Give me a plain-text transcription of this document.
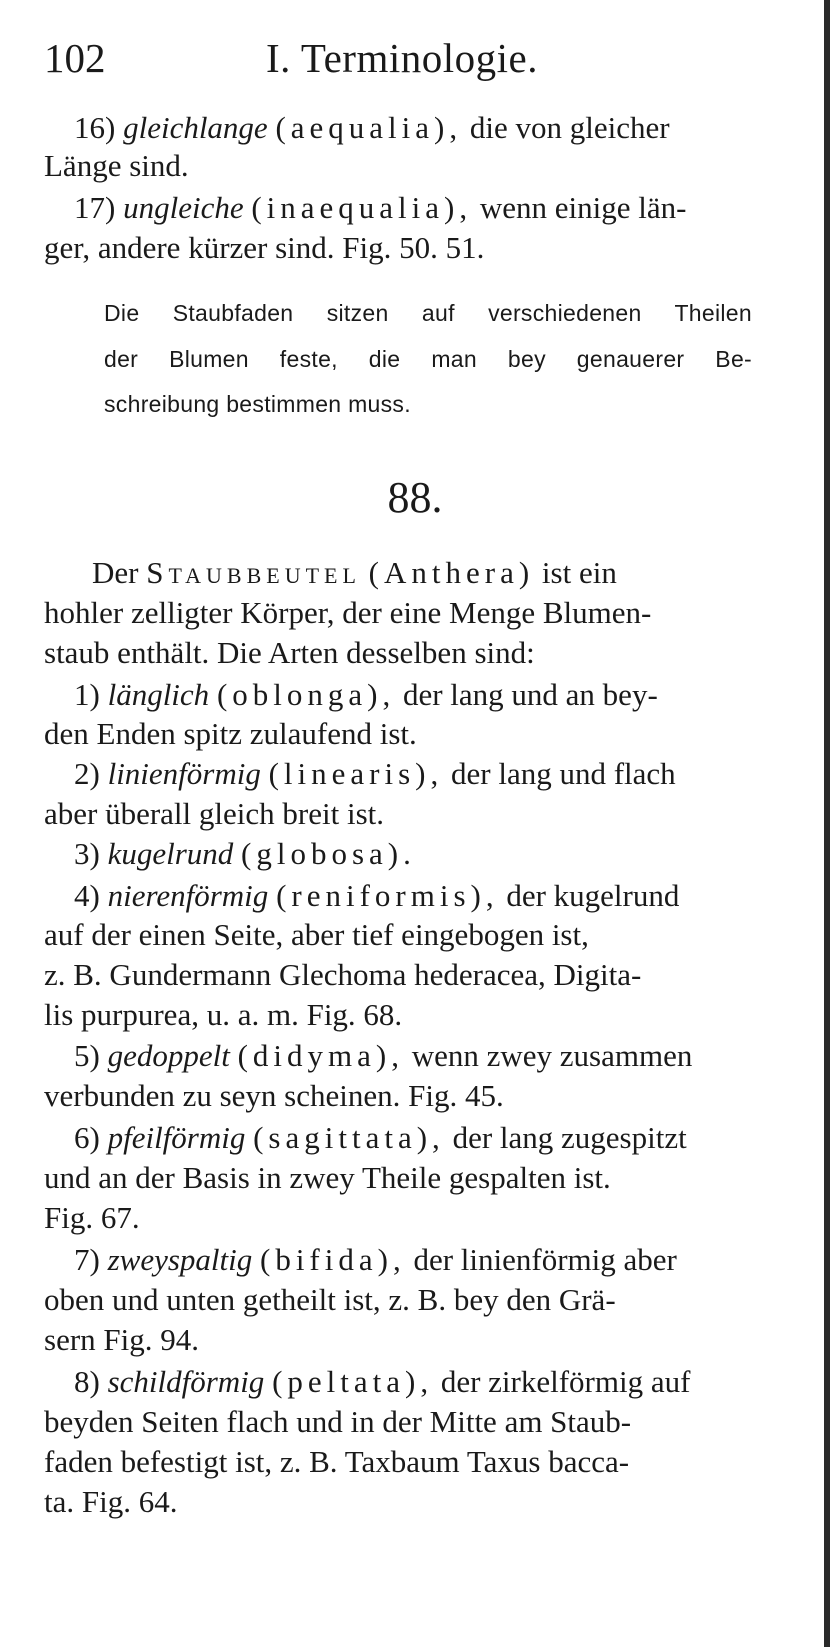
102	I. Terminologie.
16) gleichlange (aequalia), die von gleicher
Länge sind.
17) ungleiche (inaequalia), wenn einige län-
ger, andere kürzer sind. Fig. 50. 51.
Die Staubfaden sitzen auf verschiedenen Theilen
der Blumen feste, die man bey genauerer Be-
schreibung bestimmen muss.
88.
Der Staubbeutel (Anthera) ist ein
hohler zelligter Körper, der eine Menge Blumen-
staub enthält. Die Arten desselben sind:
1) länglich (oblonga), der lang und an bey-
den Enden spitz zulaufend ist.
2) linienförmig (linearis), der lang und flach
aber überall gleich breit ist.
3) kugelrund (globosa).
4) nierenförmig (reniformis), der kugelrund
auf der einen Seite, aber tief eingebogen ist,
z. B. Gundermann Glechoma hederacea, Digita-
lis purpurea, u. a. m. Fig. 68.
5) gedoppelt (didyma), wenn zwey zusammen
verbunden zu seyn scheinen. Fig. 45.
6) pfeilförmig (sagittata), der lang zugespitzt
und an der Basis in zwey Theile gespalten ist.
Fig. 67.
7) zweyspaltig (bifida), der linienförmig aber
oben und unten getheilt ist, z. B. bey den Grä-
sern Fig. 94.
8) schildförmig (peltata), der zirkelförmig auf
beyden Seiten flach und in der Mitte am Staub-
faden befestigt ist, z. B. Taxbaum Taxus bacca-
ta. Fig. 64.
